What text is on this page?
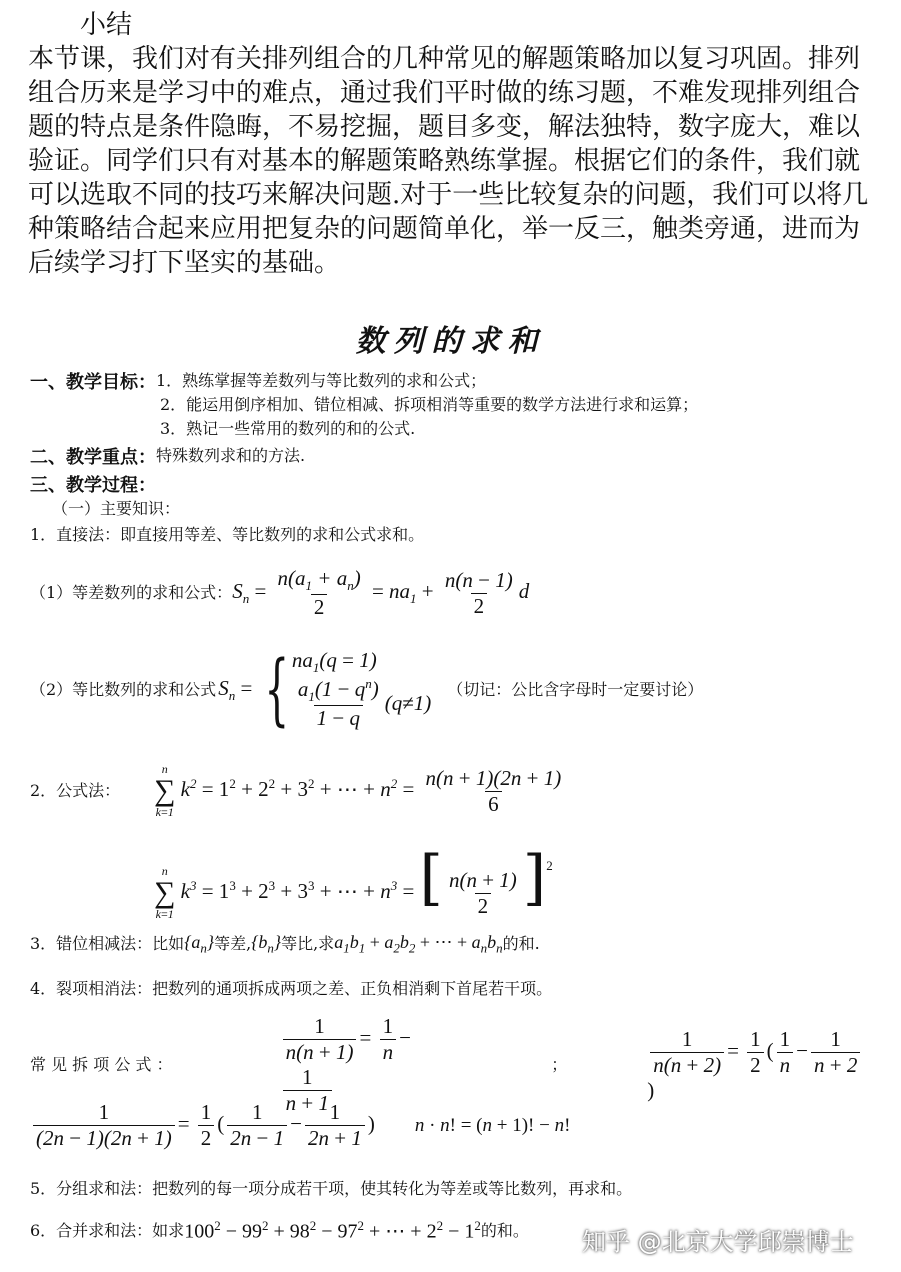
小结

本节课，我们对有关排列组合的几种常见的解题策略加以复习巩固。排列组合历来是学习中的难点，通过我们平时做的练习题，不难发现排列组合题的特点是条件隐晦，不易挖掘，题目多变，解法独特，数字庞大，难以验证。同学们只有对基本的解题策略熟练掌握。根据它们的条件，我们就可以选取不同的技巧来解决问题.对于一些比较复杂的问题，我们可以将几种策略结合起来应用把复杂的问题简单化，举一反三，触类旁通，进而为后续学习打下坚实的基础。

数列的求和
一、教学目标： 1．熟练掌握等差数列与等比数列的求和公式；
2．能运用倒序相加、错位相减、拆项相消等重要的数学方法进行求和运算；
3．熟记一些常用的数列的和的公式.
二、教学重点： 特殊数列求和的方法.
三、教学过程：
（一）主要知识：
1．直接法：即直接用等差、等比数列的求和公式求和。
（1）等差数列的求和公式： $S_n = \frac{n(a_1 + a_n)}{2} = na_1 + \frac{n(n - 1)}{2}$ d
（2）等比数列的求和公式 $S_n$ = { $na_1(q = 1)$
$\frac{a_1(1 - q^n)}{1 - q} (q \ne 1)$
（切记：公比含字母时一定要讨论）
2．公式法：
n
∑
k=1
$k^2 = 1^2 + 2^2 + 3^2$ + ⋯ + $n^2 = \frac{n(n + 1)(2n + 1)}{6}$
n
∑
k=1
$k^3 = 1^3 + 2^3 + 3^3$ + ⋯ + $n^3$ = [ $\frac{n(n + 1)}{2} ]^2$
3．错位相减法：比如 $\{a_n\}$ 等差, $\{b_n\}$ 等比,求 $a_1b_1 + a_2b_2$ + ⋯ + $a_nb_n$ 的和.
4．裂项相消法：把数列的通项拆成两项之差、正负相消剩下首尾若干项。
常 见 拆 项 公 式 ：	$\frac{1}{n(n + 1)} = \frac{1}{n}$ −
$\frac{1}{n + 1}$
；	$\frac{1}{n(n + 2)} = \frac{1}{2}$ ( $\frac{1}{n} - \frac{1}{n + 2}$
)
$\frac{1}{(2n - 1)(2n + 1)} = \frac{1}{2}$ ( $\frac{1}{2n - 1} - \frac{1}{2n + 1}$ ) n · n! = (n + 1)! − n!
5．分组求和法：把数列的每一项分成若干项，使其转化为等差或等比数列，再求和。
6．合并求和法：如求 $100^2 - 99^2 + 98^2 - 97^2$ + ⋯ + $2^2 - 1^2$ 的和。 知乎 @北京大学邱崇博士
